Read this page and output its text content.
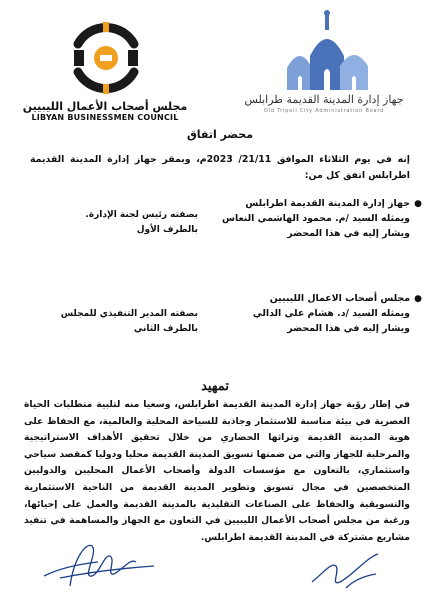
جهاز إدارة المدينة القديمة طرابلس
Old Tripoli City Administration Board
مجلس أصحاب الأعمال الليبيين
LIBYAN BUSINESSMEN COUNCIL
محضر اتفاق
إنه في يوم الثلاثاء الموافق 21/11/ 2023م، وبمقر جهاز إدارة المدينة القديمة اطرابلس اتفق كل من:
●
جهاز إدارة المدينة القديمة اطرابلس
ويمثله السيد /م. محمود الهاشمي النعاس
ويشار إليه في هذا المحضر
بصفته رئيس لجنة الإدارة.
بالطرف الأول
●
مجلس أصحاب الاعمال الليبيين
ويمثله السيد /د. هشام علي الدالي
ويشار إليه في هذا المحضر
بصفته المدير التنفيذي للمجلس
بالطرف الثاني
تمهيد
في إطار رؤية جهاز إدارة المدينة القديمة اطرابلس، وسعيا منه لتلبية متطلبات الحياة العصرية في بيئة مناسبة للاستثمار وجاذبة للسياحة المحلية والعالمية، مع الحفاظ على هوية المدينة القديمة وتراثها الحضاري من خلال تحقيق الأهداف الاستراتيجية والمرحلية للجهاز والتي من ضمنها تسويق المدينة القديمة محليا ودوليا كمقصد سياحي واستثماري، بالتعاون مع مؤسسات الدولة وأصحاب الأعمال المحليين والدوليين المتخصصين في مجال تسويق وتطوير المدينة القديمة من الناحية الاستثمارية والتسويقية والحفاظ على الصناعات التقليدية بالمدينة القديمة والعمل على إحيائها، ورغبة من مجلس أصحاب الأعمال الليبيين في التعاون مع الجهاز والمساهمة في تنفيذ مشاريع مشتركة في المدينة القديمة اطرابلس.
